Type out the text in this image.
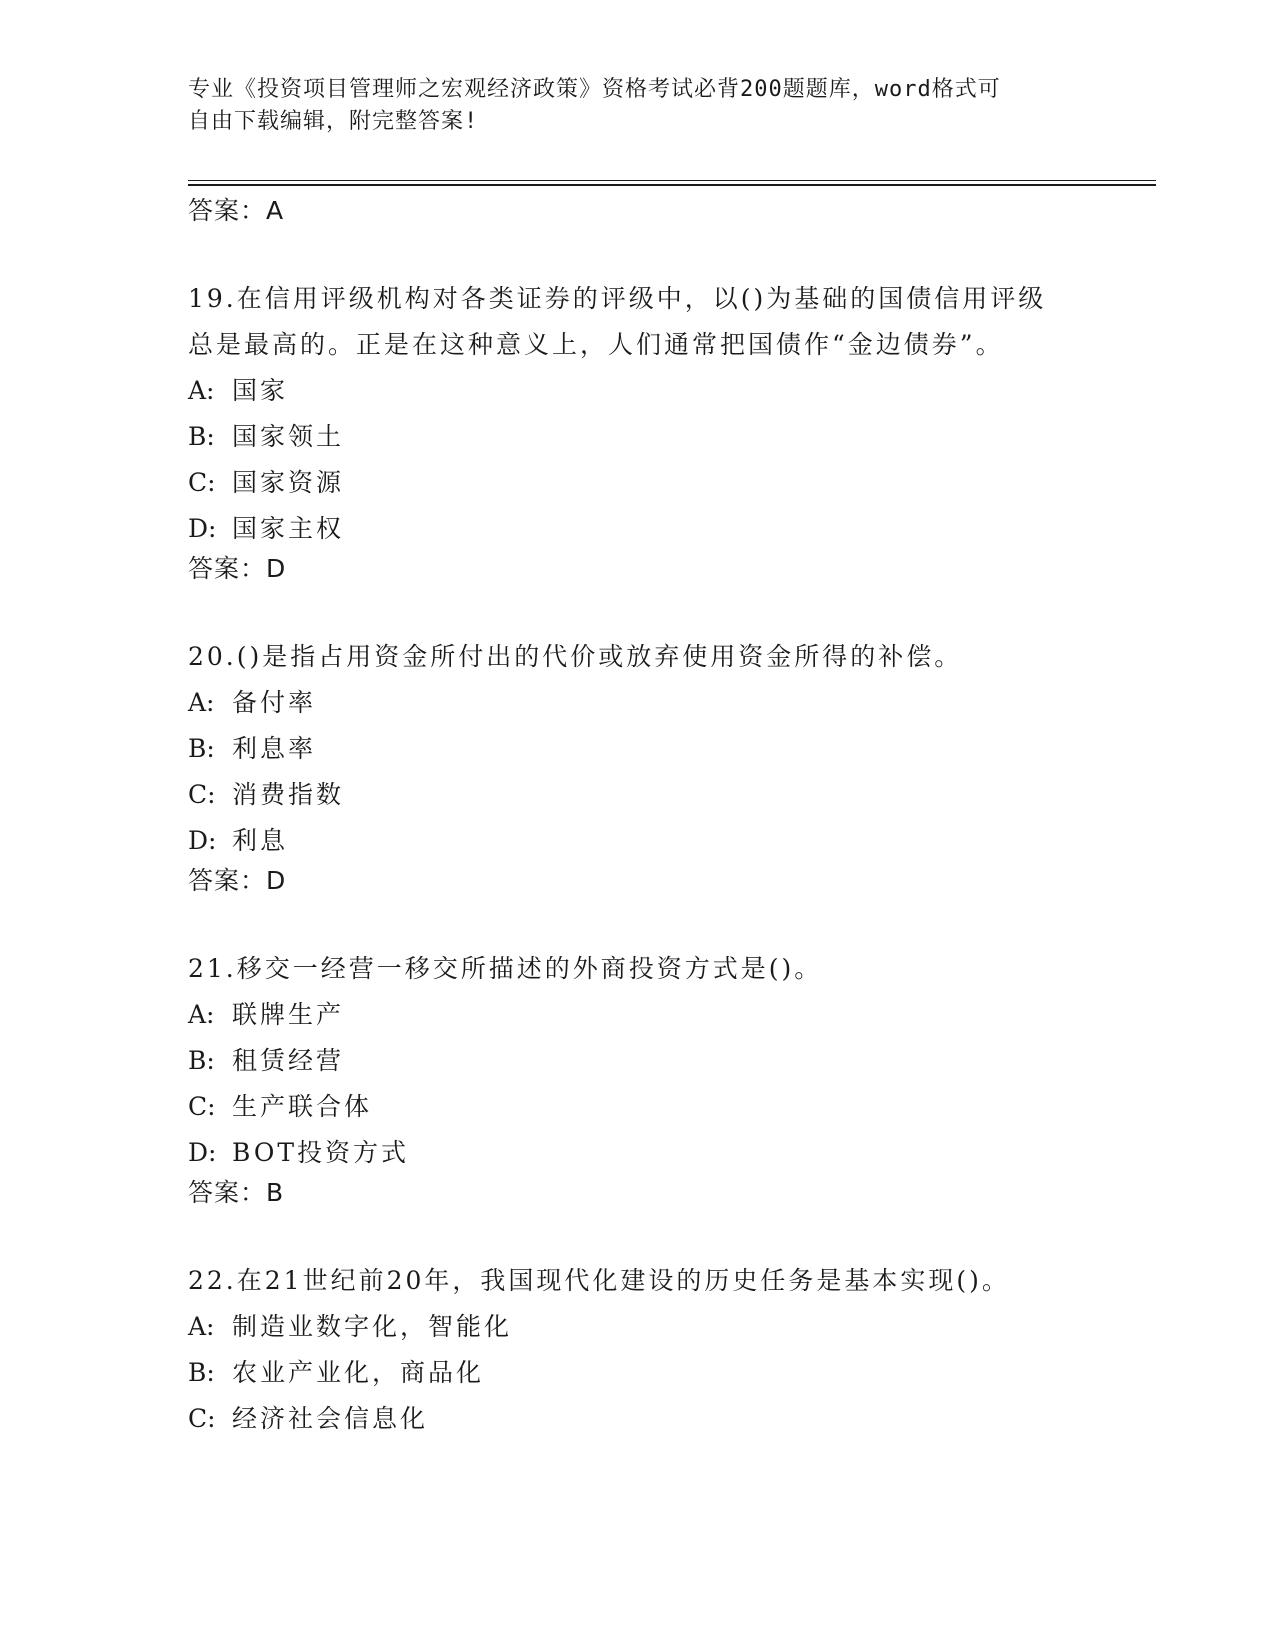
专业《投资项目管理师之宏观经济政策》资格考试必背200题题库，word格式可
自由下载编辑，附完整答案!
答案：A
19.在信用评级机构对各类证券的评级中，以()为基础的国债信用评级
总是最高的。正是在这种意义上，人们通常把国债作“金边债券”。
A: 国家
B: 国家领土
C: 国家资源
D: 国家主权
答案：D
20.()是指占用资金所付出的代价或放弃使用资金所得的补偿。
A: 备付率
B: 利息率
C: 消费指数
D: 利息
答案：D
21.移交一经营一移交所描述的外商投资方式是()。
A: 联牌生产
B: 租赁经营
C: 生产联合体
D: BOT投资方式
答案：B
22.在21世纪前20年，我国现代化建设的历史任务是基本实现()。
A: 制造业数字化，智能化
B: 农业产业化，商品化
C: 经济社会信息化
